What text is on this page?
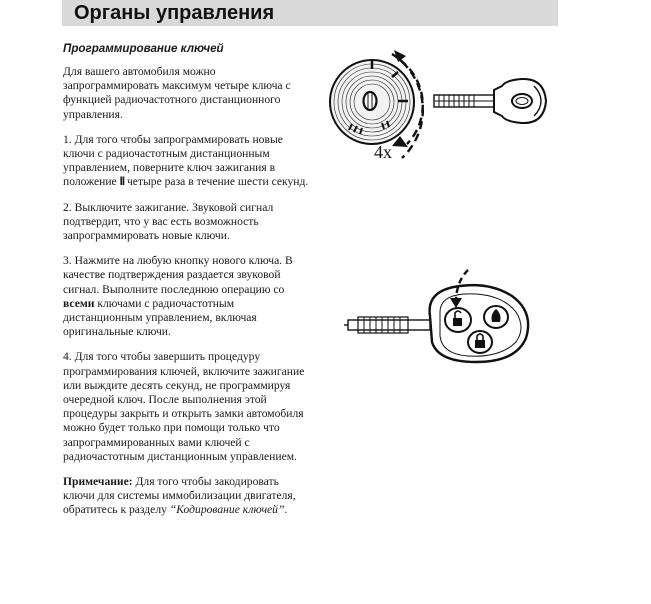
Органы управления
Программирование ключей

Для вашего автомобиля можно запрограммировать максимум четыре ключа с функцией радиочастотного дистанционного управления.

1. Для того чтобы запрограммировать новые ключи с радиочастотным дистанционным управлением, поверните ключ зажигания в положение II четыре раза в течение шести секунд.

2. Выключите зажигание. Звуковой сигнал подтвердит, что у вас есть возможность запрограммировать новые ключи.

3. Нажмите на любую кнопку нового ключа. В качестве подтверждения раздается звуковой сигнал. Выполните последнюю операцию со всеми ключами с радиочастотным дистанционным управлением, включая оригинальные ключи.

4. Для того чтобы завершить процедуру программирования ключей, включите зажигание или выждите десять секунд, не программируя очередной ключ. После выполнения этой процедуры закрыть и открыть замки автомобиля можно будет только при помощи только что запрограммированных вами ключей с радиочастотным дистанционным управлением.

Примечание: Для того чтобы закодировать ключи для системы иммобилизации двигателя, обратитесь к разделу “Кодирование ключей”.

4x
